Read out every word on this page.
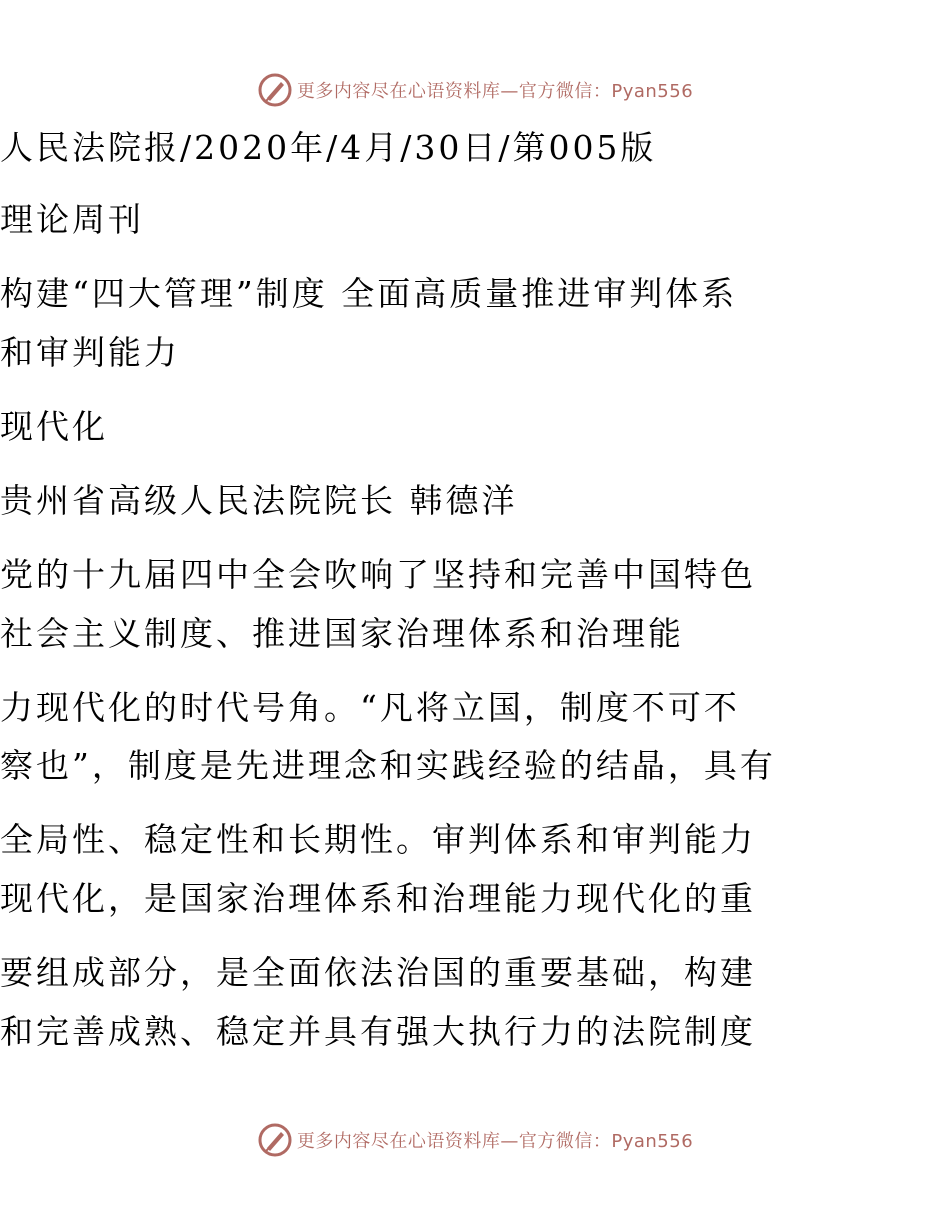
更多内容尽在心语资料库—官方微信：Pyan556
人民法院报/2020年/4月/30日/第005版
理论周刊
构建“四大管理”制度 全面高质量推进审判体系
和审判能力
现代化
贵州省高级人民法院院长 韩德洋
党的十九届四中全会吹响了坚持和完善中国特色
社会主义制度、推进国家治理体系和治理能
力现代化的时代号角。“凡将立国，制度不可不
察也”，制度是先进理念和实践经验的结晶，具有
全局性、稳定性和长期性。审判体系和审判能力
现代化，是国家治理体系和治理能力现代化的重
要组成部分，是全面依法治国的重要基础，构建
和完善成熟、稳定并具有强大执行力的法院制度
更多内容尽在心语资料库—官方微信：Pyan556
